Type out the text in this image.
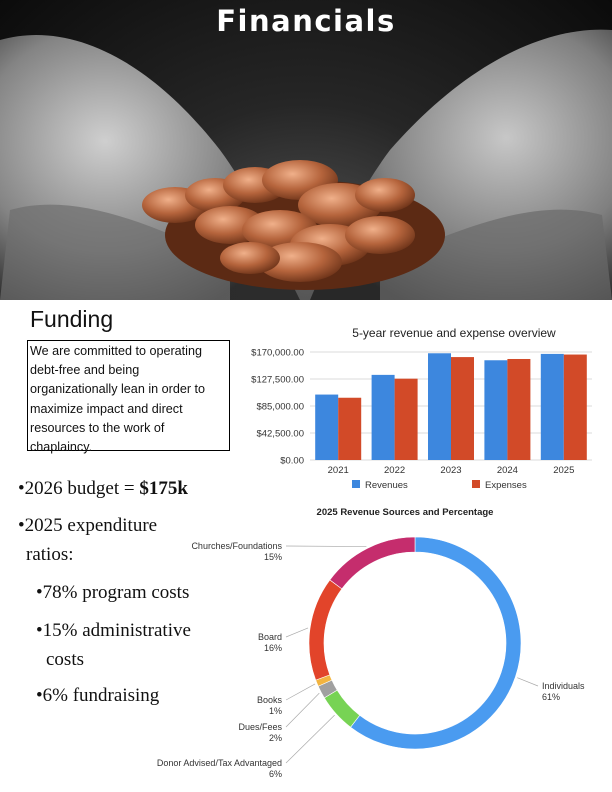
Financials
Funding
We are committed to operating debt-free and being organizationally lean in order to maximize impact and direct resources to the work of chaplaincy.
•2026 budget = $175k
•2025 expenditure
ratios:
•78% program costs
•15% administrative
costs
•6% fundraising
5-year revenue and expense overview
$0.00
$42,500.00
$85,000.00
$127,500.00
$170,000.00
2021	2022	2023	2024	2025
Revenues	Expenses
2025 Revenue Sources and Percentage
Individuals
61%
Donor Advised/Tax Advantaged
6%
Dues/Fees
2%
Books
1%
Board
16%
Churches/Foundations
15%
